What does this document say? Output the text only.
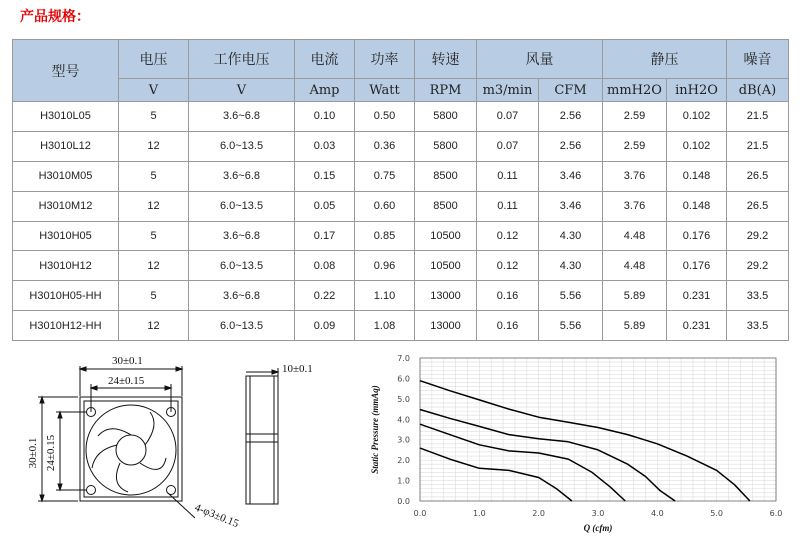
产品规格：
型号	电压	工作电压	电流	功率	转速	风量		静压		噪音
	V	V	Amp	Watt	RPM	m3/min	CFM	mmH2O	inH2O	dB(A)
H3010L05	5	3.6~6.8	0.10	0.50	5800	0.07	2.56	2.59	0.102	21.5
H3010L12	12	6.0~13.5	0.03	0.36	5800	0.07	2.56	2.59	0.102	21.5
H3010M05	5	3.6~6.8	0.15	0.75	8500	0.11	3.46	3.76	0.148	26.5
H3010M12	12	6.0~13.5	0.05	0.60	8500	0.11	3.46	3.76	0.148	26.5
H3010H05	5	3.6~6.8	0.17	0.85	10500	0.12	4.30	4.48	0.176	29.2
H3010H12	12	6.0~13.5	0.08	0.96	10500	0.12	4.30	4.48	0.176	29.2
H3010H05-HH	5	3.6~6.8	0.22	1.10	13000	0.16	5.56	5.89	0.231	33.5
H3010H12-HH	12	6.0~13.5	0.09	1.08	13000	0.16	5.56	5.89	0.231	33.5
30±0.1
24±0.15
30±0.1 24±0.15
4-φ3±0.15
10±0.1
0.0	1.0	2.0	3.0	4.0	5.0	6.0
0.0
1.0
2.0
3.0
4.0
5.0
6.0
7.0
Static Pressure (mmAq)
Q (cfm)
